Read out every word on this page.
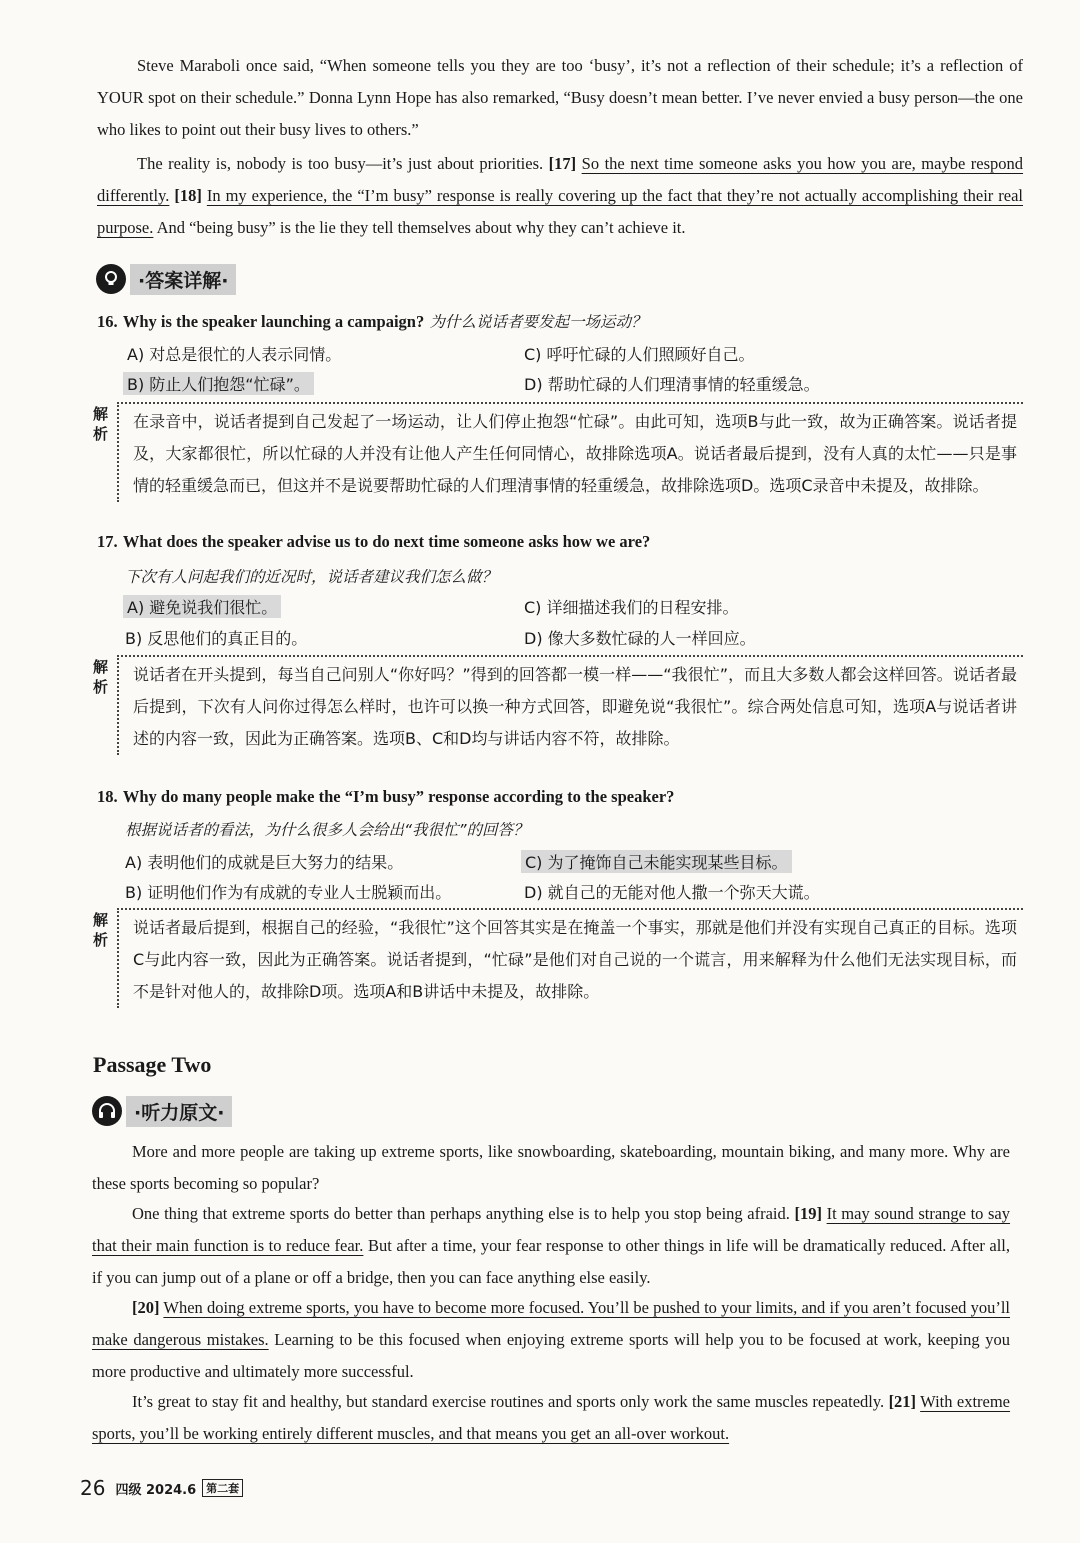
Steve Maraboli once said, “When someone tells you they are too ‘busy’, it’s not a reflection of their schedule; it’s a reflection of YOUR spot on their schedule.” Donna Lynn Hope has also remarked, “Busy doesn’t mean better. I’ve never envied a busy person—the one who likes to point out their busy lives to others.”
The reality is, nobody is too busy—it’s just about priorities. [17] So the next time someone asks you how you are, maybe respond differently. [18] In my experience, the “I’m busy” response is really covering up the fact that they’re not actually accomplishing their real purpose. And “being busy” is the lie they tell themselves about why they can’t achieve it.
·答案详解·
16. Why is the speaker launching a campaign? 为什么说话者要发起一场运动？
A) 对总是很忙的人表示同情。	C) 呼吁忙碌的人们照顾好自己。
B) 防止人们抱怨“忙碌”。	D) 帮助忙碌的人们理清事情的轻重缓急。
解析
在录音中，说话者提到自己发起了一场运动，让人们停止抱怨“忙碌”。由此可知，选项B与此一致，故为正确答案。说话者提及，大家都很忙，所以忙碌的人并没有让他人产生任何同情心，故排除选项A。说话者最后提到，没有人真的太忙——只是事情的轻重缓急而已，但这并不是说要帮助忙碌的人们理清事情的轻重缓急，故排除选项D。选项C录音中未提及，故排除。
17. What does the speaker advise us to do next time someone asks how we are?
下次有人问起我们的近况时，说话者建议我们怎么做？
A) 避免说我们很忙。	C) 详细描述我们的日程安排。
B) 反思他们的真正目的。	D) 像大多数忙碌的人一样回应。
解析
说话者在开头提到，每当自己问别人“你好吗？”得到的回答都一模一样——“我很忙”，而且大多数人都会这样回答。说话者最后提到，下次有人问你过得怎么样时，也许可以换一种方式回答，即避免说“我很忙”。综合两处信息可知，选项A与说话者讲述的内容一致，因此为正确答案。选项B、C和D均与讲话内容不符，故排除。
18. Why do many people make the “I’m busy” response according to the speaker?
根据说话者的看法，为什么很多人会给出“我很忙”的回答？
A) 表明他们的成就是巨大努力的结果。	C) 为了掩饰自己未能实现某些目标。
B) 证明他们作为有成就的专业人士脱颖而出。	D) 就自己的无能对他人撒一个弥天大谎。
解析
说话者最后提到，根据自己的经验，“我很忙”这个回答其实是在掩盖一个事实，那就是他们并没有实现自己真正的目标。选项C与此内容一致，因此为正确答案。说话者提到，“忙碌”是他们对自己说的一个谎言，用来解释为什么他们无法实现目标，而不是针对他人的，故排除D项。选项A和B讲话中未提及，故排除。
Passage Two
·听力原文·
More and more people are taking up extreme sports, like snowboarding, skateboarding, mountain biking, and many more. Why are these sports becoming so popular?
One thing that extreme sports do better than perhaps anything else is to help you stop being afraid. [19] It may sound strange to say that their main function is to reduce fear. But after a time, your fear response to other things in life will be dramatically reduced. After all, if you can jump out of a plane or off a bridge, then you can face anything else easily.
[20] When doing extreme sports, you have to become more focused. You’ll be pushed to your limits, and if you aren’t focused you’ll make dangerous mistakes. Learning to be this focused when enjoying extreme sports will help you to be focused at work, keeping you more productive and ultimately more successful.
It’s great to stay fit and healthy, but standard exercise routines and sports only work the same muscles repeatedly. [21] With extreme sports, you’ll be working entirely different muscles, and that means you get an all-over workout.
26 四级 2024.6 第二套
